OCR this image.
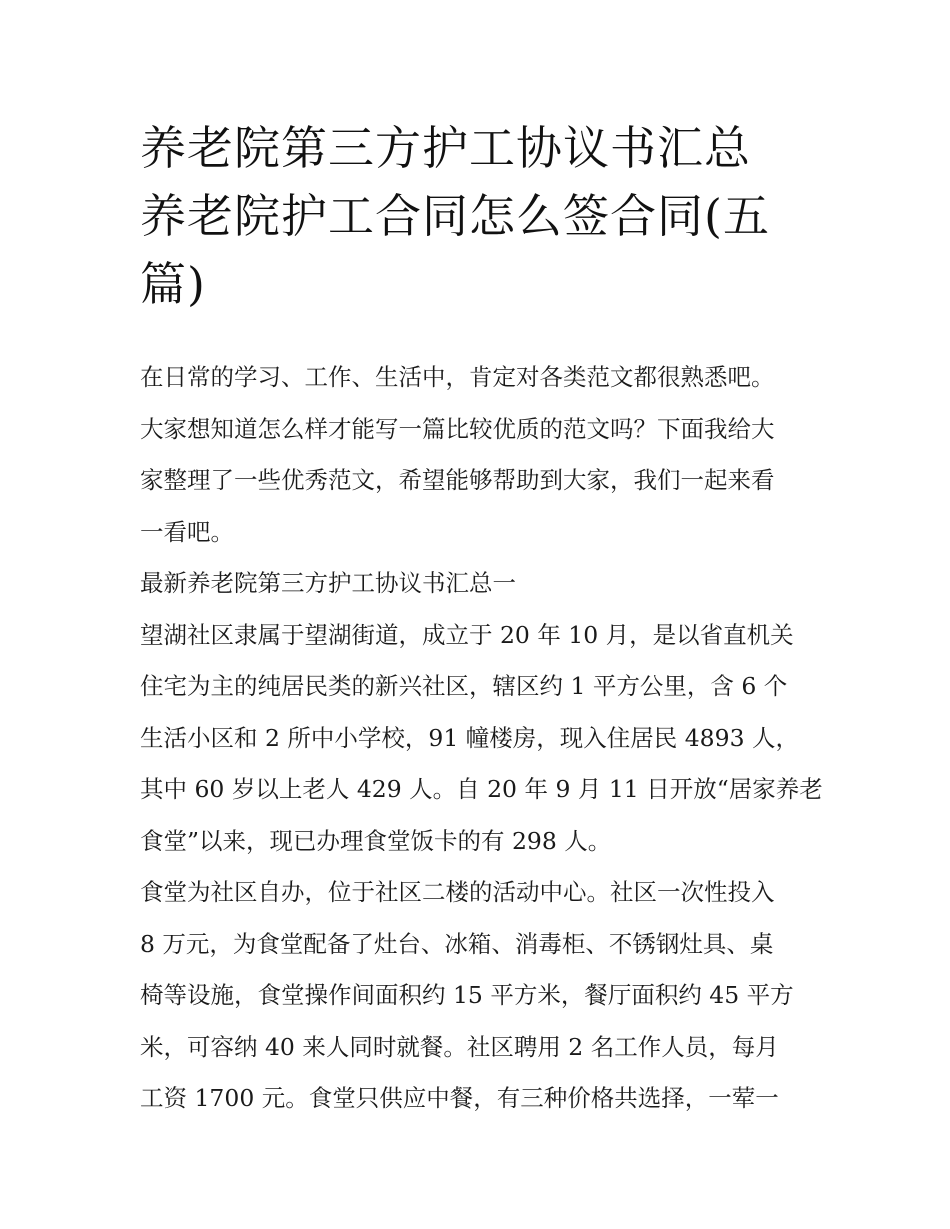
养老院第三方护工协议书汇总
养老院护工合同怎么签合同(五
篇)
在日常的学习、工作、生活中，肯定对各类范文都很熟悉吧。
大家想知道怎么样才能写一篇比较优质的范文吗？下面我给大
家整理了一些优秀范文，希望能够帮助到大家，我们一起来看
一看吧。
最新养老院第三方护工协议书汇总一
望湖社区隶属于望湖街道，成立于 20 年 10 月，是以省直机关
住宅为主的纯居民类的新兴社区，辖区约 1 平方公里，含 6 个
生活小区和 2 所中小学校，91 幢楼房，现入住居民 4893 人，
其中 60 岁以上老人 429 人。自 20 年 9 月 11 日开放“居家养老
食堂”以来，现已办理食堂饭卡的有 298 人。
食堂为社区自办，位于社区二楼的活动中心。社区一次性投入
8 万元，为食堂配备了灶台、冰箱、消毒柜、不锈钢灶具、桌
椅等设施，食堂操作间面积约 15 平方米，餐厅面积约 45 平方
米，可容纳 40 来人同时就餐。社区聘用 2 名工作人员，每月
工资 1700 元。食堂只供应中餐，有三种价格共选择，一荤一
